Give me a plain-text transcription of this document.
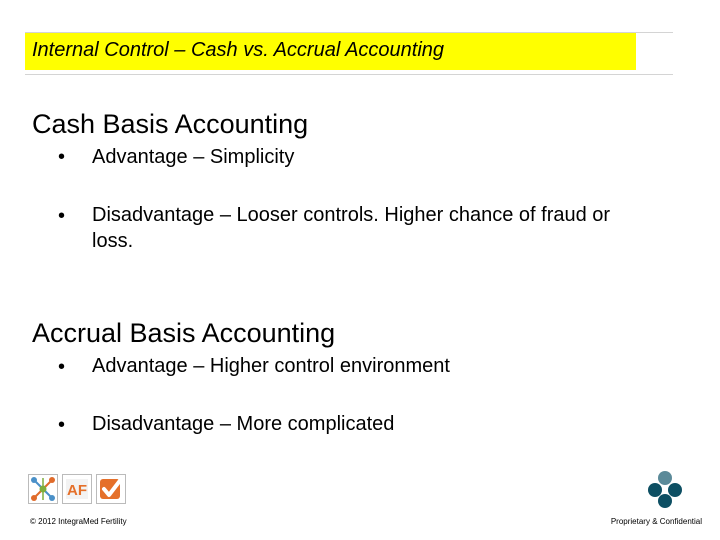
Internal Control – Cash vs. Accrual Accounting
Cash Basis Accounting
• Advantage – Simplicity
• Disadvantage – Looser controls. Higher chance of fraud or loss.
Accrual Basis Accounting
• Advantage – Higher control environment
• Disadvantage – More complicated
AF
© 2012 IntegraMed Fertility	Proprietary & Confidential
